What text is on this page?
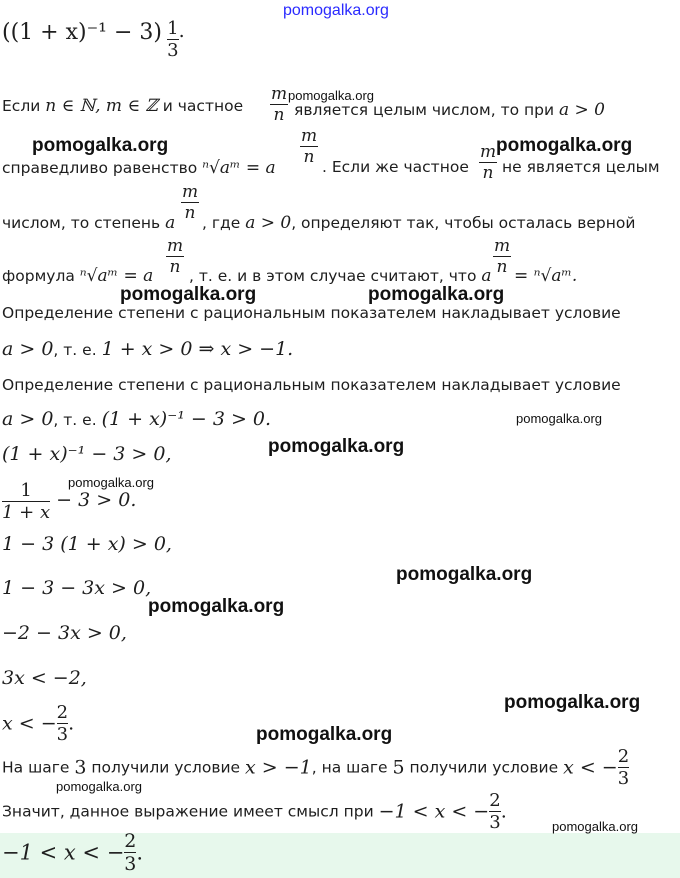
pomogalka.org
$((1 + x)^{-1} - 3) \frac{1}{3}$ .
Если n ∈ ℕ, m ∈ ℤ и частное $\frac{m}{n}$ является целым числом, то при a > 0
справедливо равенство ⁿ√aᵐ = a
$\frac{m}{n}$ . Если же частное $\frac{m}{n}$ не является целым
числом, то степень a $\frac{m}{n}$ , где a > 0, определяют так, чтобы осталась верной
формула ⁿ√aᵐ = a $\frac{m}{n}$ , т. е. и в этом случае считают, что a $\frac{m}{n}$ = ⁿ√aᵐ.
Определение степени с рациональным показателем накладывает условие
a > 0, т. е. 1 + x > 0 ⇒ x > −1.
Определение степени с рациональным показателем накладывает условие
a > 0, т. е. (1 + x)⁻¹ − 3 > 0.
(1 + x)⁻¹ − 3 > 0,
$\frac{1}{1 + x} - 3 > 0$.
1 − 3 (1 + x) > 0,
1 − 3 − 3x > 0,
−2 − 3x > 0,
3x < −2,
x < − $\frac{2}{3}$ .
На шаге 3 получили условие x > −1, на шаге 5 получили условие x < − $\frac{2}{3}$
Значит, данное выражение имеет смысл при −1 < x < − $\frac{2}{3}$ .
−1 < x < − $\frac{2}{3}$ .
pomogalka.org	pomogalka.org
pomogalka.org	pomogalka.org
pomogalka.org
pomogalka.org
pomogalka.org
pomogalka.org
pomogalka.org
pomogalka.org
pomogalka.org
pomogalka.org
pomogalka.org
pomogalka.org
